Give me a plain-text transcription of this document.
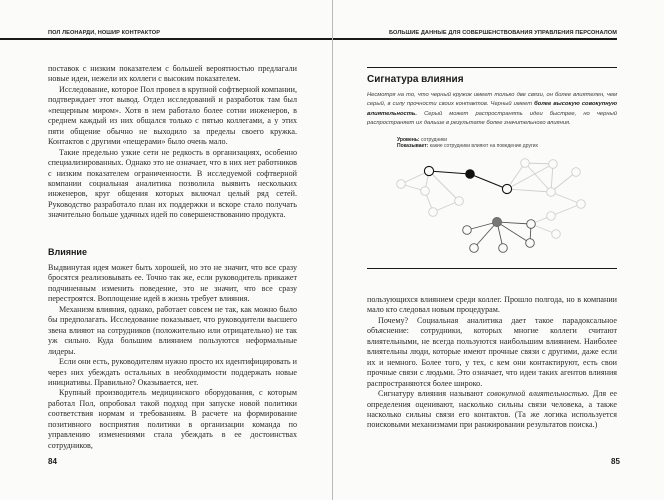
ПОЛ ЛЕОНАРДИ, НОШИР КОНТРАКТОР

поставок с низким показателем с большей вероятностью предлагали новые идеи, нежели их коллеги с высоким показателем.

Исследование, которое Пол провел в крупной софтверной компании, подтверждает этот вывод. Отдел исследований и разработок там был «пещерным миром». Хотя в нем работало более сотни инженеров, в среднем каждый из них общался только с пятью коллегами, а у этих пяти общение обычно не выходило за пределы своего кружка. Контактов с другими «пещерами» было очень мало.

Такие предельно узкие сети не редкость в организациях, особенно специализированных. Однако это не означает, что в них нет работников с низким показателем ограниченности. В исследуемой софтверной компании социальная аналитика позволила выявить нескольких инженеров, круг общения которых включал целый ряд сетей. Руководство разработало план их поддержки и вскоре стало получать значительно больше удачных идей по совершенствованию продукта.

Влияние

Выдвинутая идея может быть хорошей, но это не значит, что все сразу бросятся реализовывать ее. Точно так же, если руководитель прикажет подчиненным изменить поведение, это не значит, что все сразу перестроятся. Воплощение идей в жизнь требует влияния.

Механизм влияния, однако, работает совсем не так, как можно было бы предполагать. Исследование показывает, что руководители высшего звена влияют на сотрудников (положительно или отрицательно) не так уж сильно. Куда большим влиянием пользуются неформальные лидеры.

Если они есть, руководителям нужно просто их идентифицировать и через них убеждать остальных в необходимости поддержать новые инициативы. Правильно? Оказывается, нет.

Крупный производитель медицинского оборудования, с которым работал Пол, опробовал такой подход при запуске новой политики соответствия нормам и требованиям. В расчете на формирование позитивного восприятия политики в организации команда по управлению изменениями стала убеждать в ее достоинствах сотрудников,

84
БОЛЬШИЕ ДАННЫЕ ДЛЯ СОВЕРШЕНСТВОВАНИЯ УПРАВЛЕНИЯ ПЕРСОНАЛОМ
Сигнатура влияния
Несмотря на то, что черный кружок имеет только две связи, он более влиятелен, чем серый, в силу прочности своих контактов. Черный имеет более высокую совокупную влиятельность. Серый может распространять идеи быстрее, но черный распространяет их дальше в результате более значительного влияния.
Уровень: сотрудники
Показывает: какие сотрудники влияют на поведение других

пользующихся влиянием среди коллег. Прошло полгода, но в компании мало кто следовал новым процедурам.

Почему? Социальная аналитика дает такое парадоксальное объяснение: сотрудники, которых многие коллеги считают влиятельными, не всегда пользуются наибольшим влиянием. Наиболее влиятельны люди, которые имеют прочные связи с другими, даже если их и немного. Более того, у тех, с кем они контактируют, есть свои прочные связи с людьми. Это означает, что идеи таких агентов влияния распространяются более широко.

Сигнатуру влияния называют совокупной влиятельностью. Для ее определения оценивают, насколько сильны связи человека, а также насколько сильны связи его контактов. (Та же логика используется поисковыми механизмами при ранжировании результатов поиска.)

85
